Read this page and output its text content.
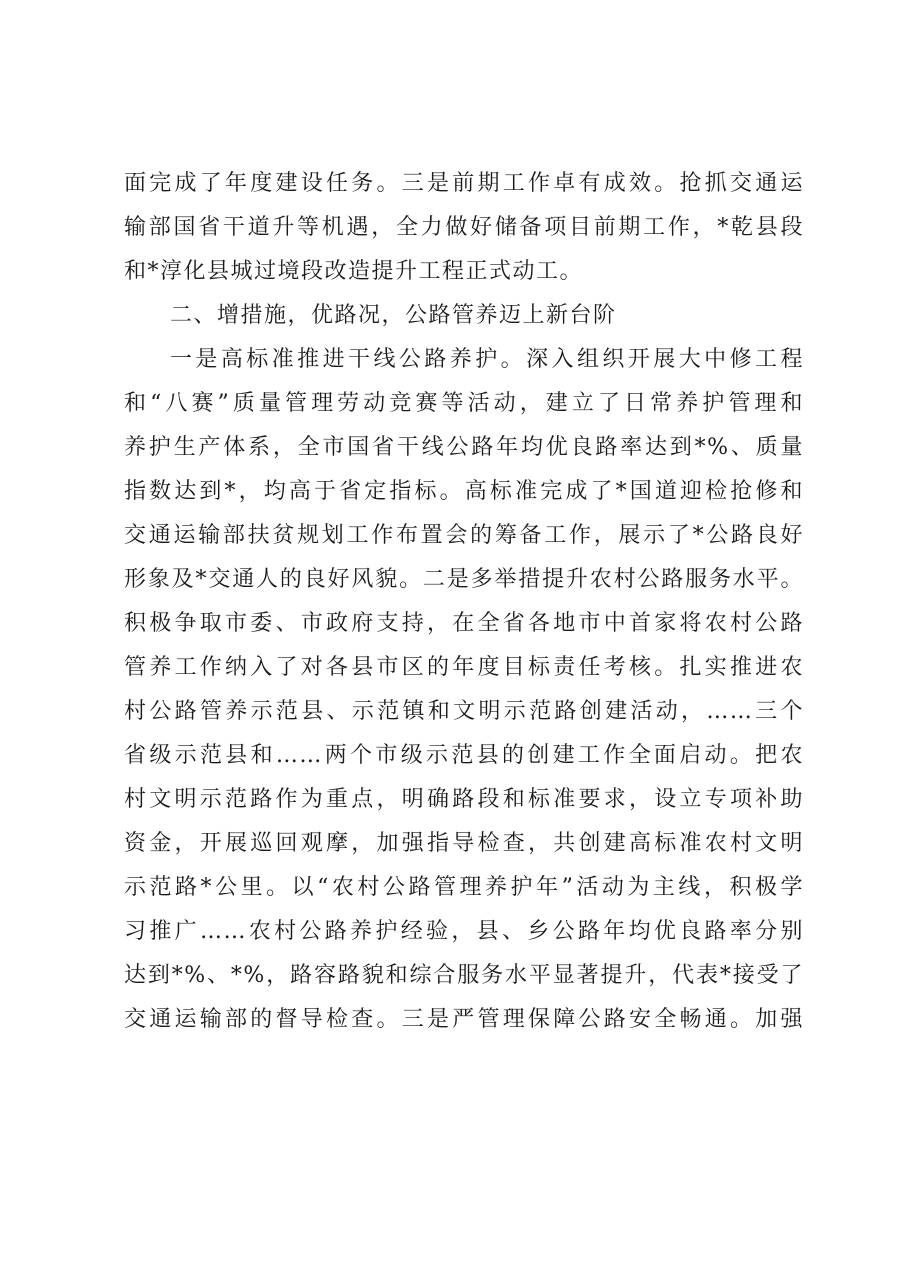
面完成了年度建设任务。三是前期工作卓有成效。抢抓交通运
输部国省干道升等机遇，全力做好储备项目前期工作，*乾县段
和*淳化县城过境段改造提升工程正式动工。
二、增措施，优路况，公路管养迈上新台阶
一是高标准推进干线公路养护。深入组织开展大中修工程
和“八赛”质量管理劳动竞赛等活动，建立了日常养护管理和
养护生产体系，全市国省干线公路年均优良路率达到*%、质量
指数达到*，均高于省定指标。高标准完成了*国道迎检抢修和
交通运输部扶贫规划工作布置会的筹备工作，展示了*公路良好
形象及*交通人的良好风貌。二是多举措提升农村公路服务水平。
积极争取市委、市政府支持，在全省各地市中首家将农村公路
管养工作纳入了对各县市区的年度目标责任考核。扎实推进农
村公路管养示范县、示范镇和文明示范路创建活动，……三个
省级示范县和……两个市级示范县的创建工作全面启动。把农
村文明示范路作为重点，明确路段和标准要求，设立专项补助
资金，开展巡回观摩，加强指导检查，共创建高标准农村文明
示范路*公里。以“农村公路管理养护年”活动为主线，积极学
习推广……农村公路养护经验，县、乡公路年均优良路率分别
达到*%、*%，路容路貌和综合服务水平显著提升，代表*接受了
交通运输部的督导检查。三是严管理保障公路安全畅通。加强
